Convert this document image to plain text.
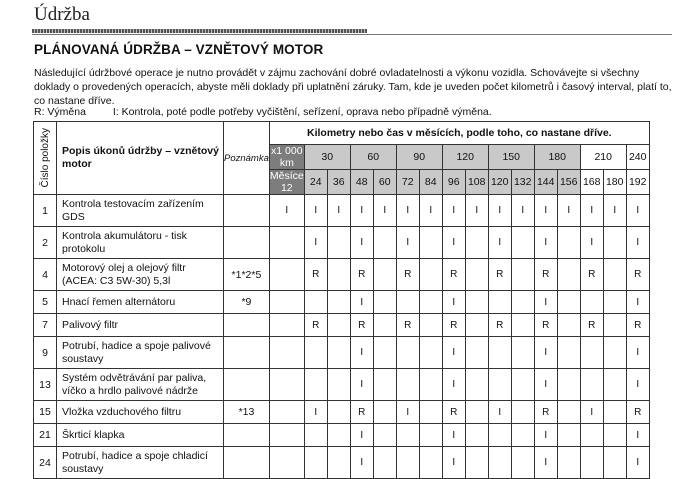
Údržba
PLÁNOVANÁ ÚDRŽBA – VZNĚTOVÝ MOTOR
Následující údržbové operace je nutno provádět v zájmu zachování dobré ovladatelnosti a výkonu vozidla. Schovávejte si všechny doklady o provedených operacích, abyste měli doklady při uplatnění záruky. Tam, kde je uveden počet kilometrů i časový interval, platí to, co nastane dříve.
R: Výměna	I: Kontrola, poté podle potřeby vyčištění, seřízení, oprava nebo případně výměna.
Číslo položky	Popis úkonů údržby – vznětový motor	Poznámka	Kilometry nebo čas v měsících, podle toho, co nastane dříve.															
			x1 000 km	30		60		90		120		150		180		210		240
			Měsíce 12	24	36	48	60	72	84	96	108	120	132	144	156	168	180	192
1	Kontrola testovacím zařízením GDS		I	I	I	I	I	I	I	I	I	I	I	I	I	I	I	I
2	Kontrola akumulátoru - tisk protokolu			I		I		I		I		I		I		I		I
4	Motorový olej a olejový filtr (ACEA: C3 5W-30) 5,3l	*1*2*5		R		R		R		R		R		R		R		R
5	Hnací řemen alternátoru	*9				I				I				I				I
7	Palivový filtr			R		R		R		R		R		R		R		R
9	Potrubí, hadice a spoje palivové soustavy					I				I				I				I
13	Systém odvětrávání par paliva, víčko a hrdlo palivové nádrže					I				I				I				I
15	Vložka vzduchového filtru	*13		I		R		I		R		I		R		I		R
21	Škrticí klapka					I				I				I				I
24	Potrubí, hadice a spoje chladicí soustavy					I				I				I				I
